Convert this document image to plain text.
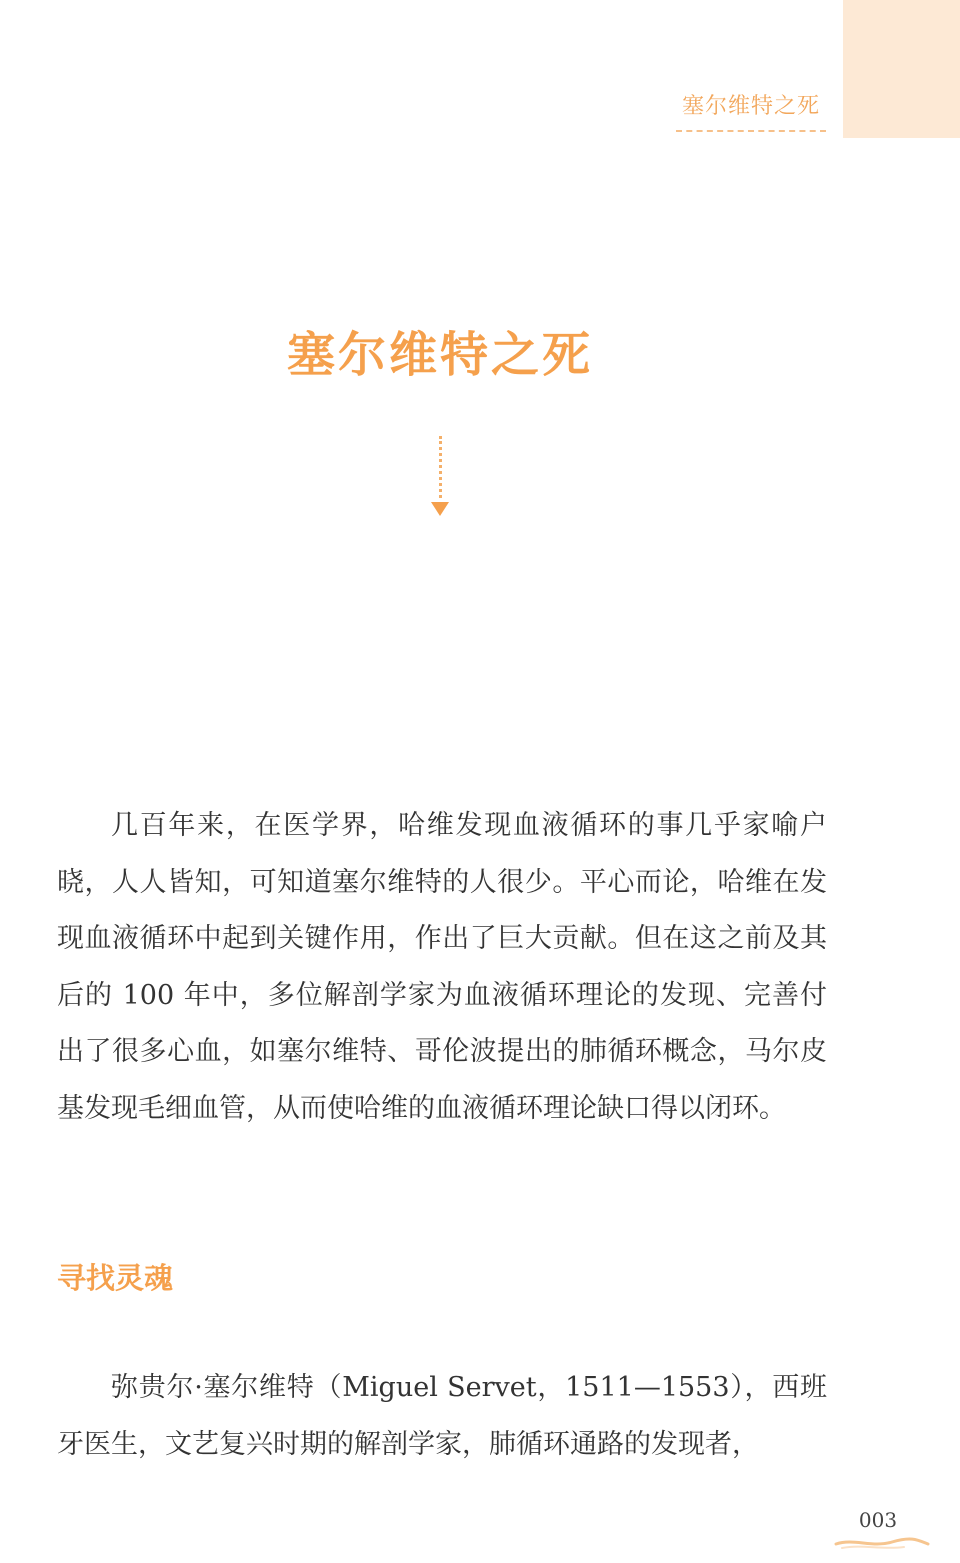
塞尔维特之死
塞尔维特之死

几百年来，在医学界，哈维发现血液循环的事几乎家喻户晓，人人皆知，可知道塞尔维特的人很少。平心而论，哈维在发现血液循环中起到关键作用，作出了巨大贡献。但在这之前及其后的 100 年中，多位解剖学家为血液循环理论的发现、完善付出了很多心血，如塞尔维特、哥伦波提出的肺循环概念，马尔皮基发现毛细血管，从而使哈维的血液循环理论缺口得以闭环。

寻找灵魂

弥贵尔·塞尔维特（Miguel Servet，1511—1553），西班牙医生，文艺复兴时期的解剖学家，肺循环通路的发现者，

003
